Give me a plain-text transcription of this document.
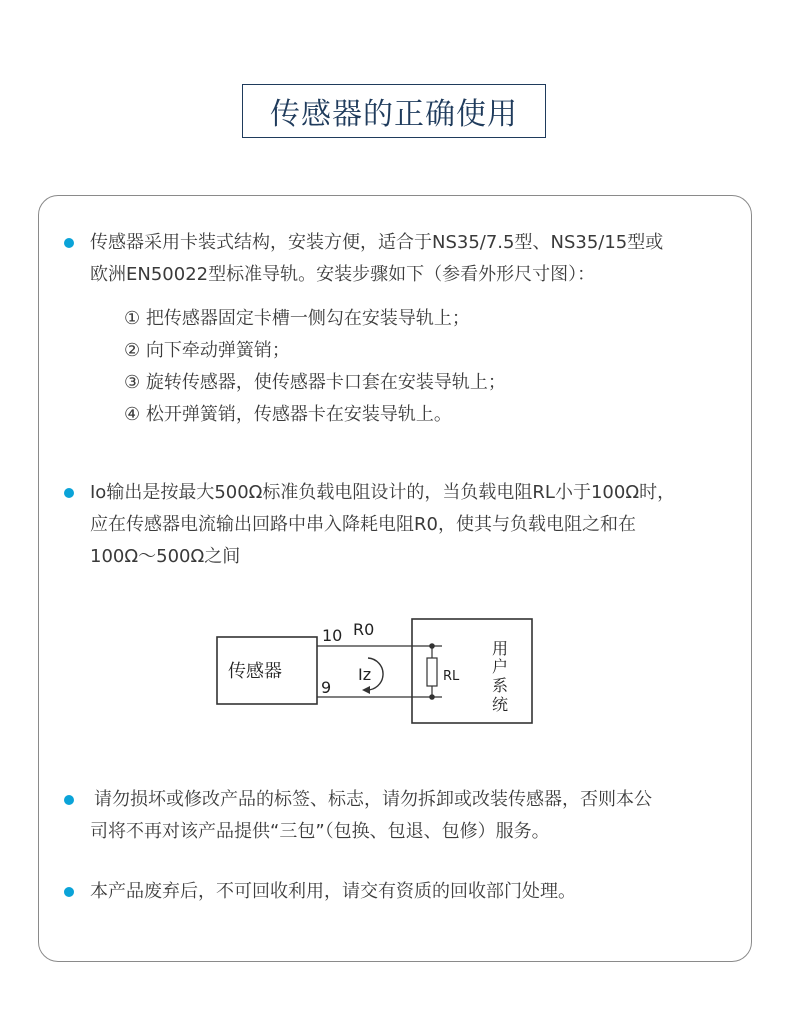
传感器的正确使用
传感器采用卡装式结构，安装方便，适合于NS35/7.5型、NS35/15型或
欧洲EN50022型标准导轨。安装步骤如下（参看外形尺寸图）：
① 把传感器固定卡槽一侧勾在安装导轨上；
② 向下牵动弹簧销；
③ 旋转传感器，使传感器卡口套在安装导轨上；
④ 松开弹簧销，传感器卡在安装导轨上。
Io输出是按最大500Ω标准负载电阻设计的，当负载电阻RL小于100Ω时，
应在传感器电流输出回路中串入降耗电阻R0，使其与负载电阻之和在
100Ω～500Ω之间
传感器
10
9
R0
Iz	RL
用
户
系
统
请勿损坏或修改产品的标签、标志，请勿拆卸或改装传感器，否则本公
司将不再对该产品提供“三包”（包换、包退、包修）服务。
本产品废弃后，不可回收利用，请交有资质的回收部门处理。
